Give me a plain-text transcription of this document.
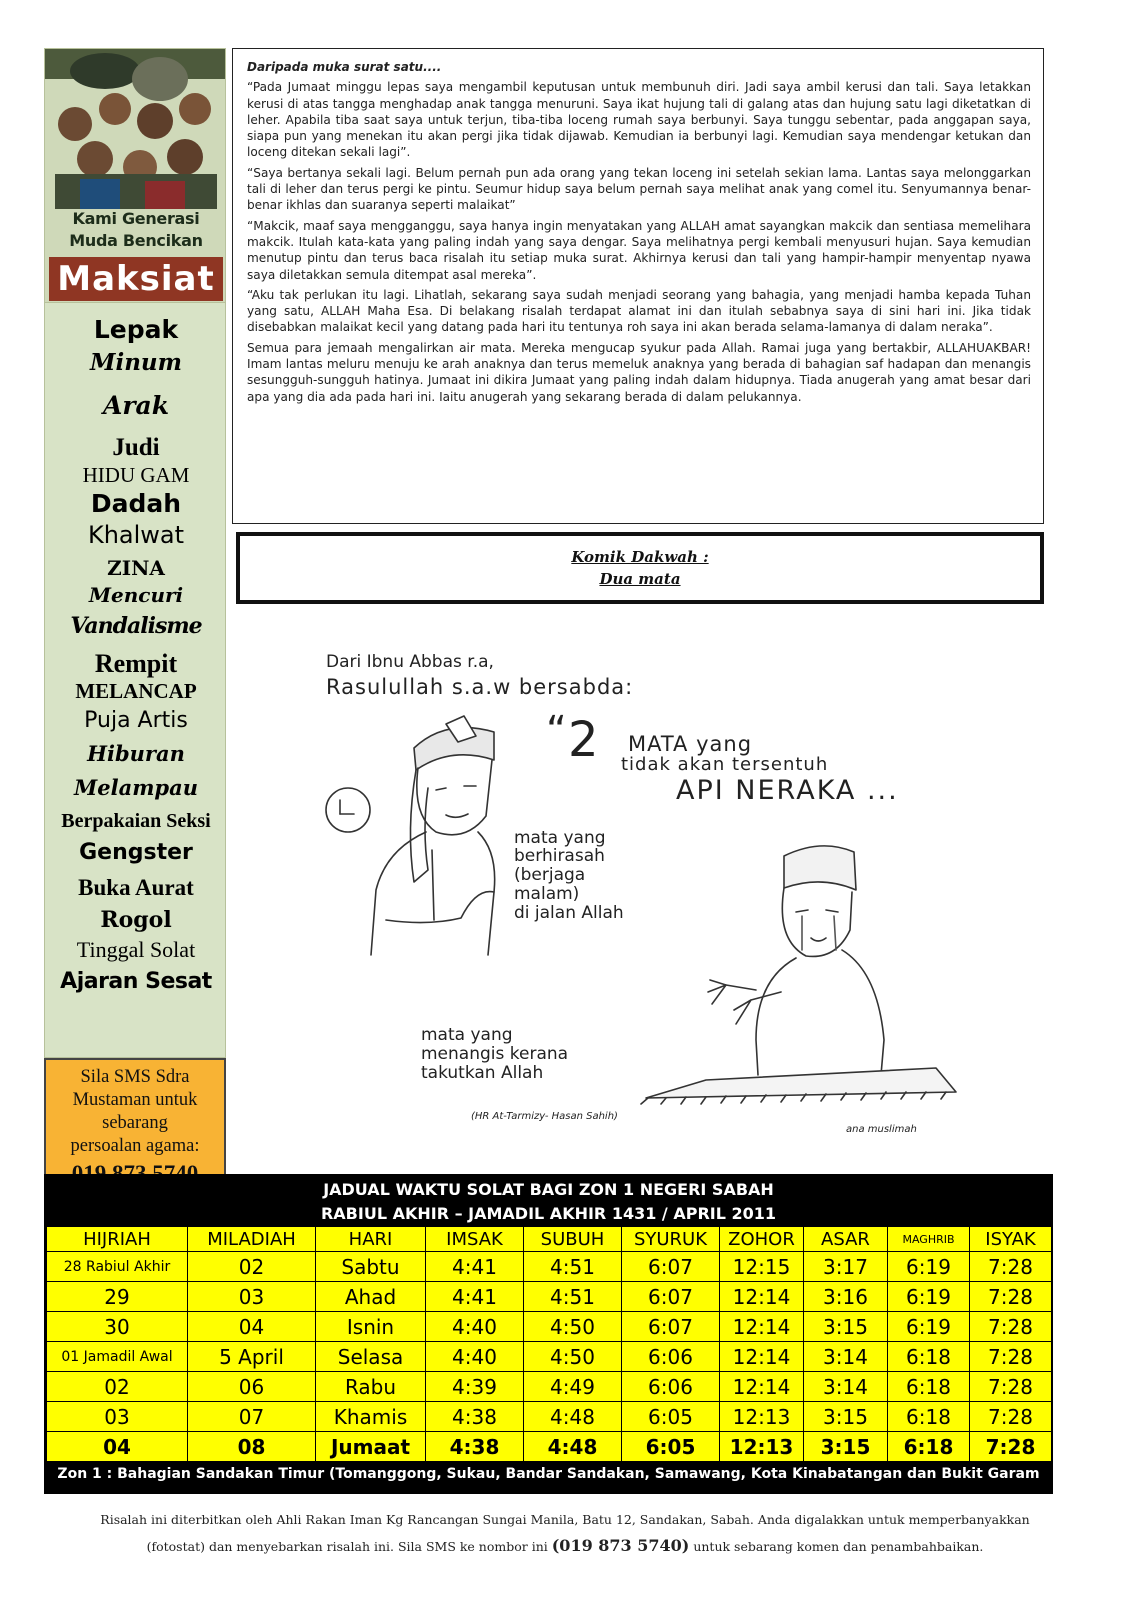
Kami Generasi
Muda Bencikan
Maksiat
Lepak
Minum
Arak
Judi
HIDU GAM
Dadah
Khalwat
ZINA
Mencuri
Vandalisme
Rempit
MELANCAP
Puja Artis
Hiburan
Melampau
Berpakaian Seksi
Gengster
Buka Aurat
Rogol
Tinggal Solat
Ajaran Sesat
Sila SMS Sdra
Mustaman untuk
sebarang
persoalan agama:
Daripada muka surat satu....

“Pada Jumaat minggu lepas saya mengambil keputusan untuk membunuh diri. Jadi saya ambil kerusi dan tali. Saya letakkan kerusi di atas tangga menghadap anak tangga menuruni. Saya ikat hujung tali di galang atas dan hujung satu lagi diketatkan di leher. Apabila tiba saat saya untuk terjun, tiba-tiba loceng rumah saya berbunyi. Saya tunggu sebentar, pada anggapan saya, siapa pun yang menekan itu akan pergi jika tidak dijawab. Kemudian ia berbunyi lagi. Kemudian saya mendengar ketukan dan loceng ditekan sekali lagi”.

“Saya bertanya sekali lagi. Belum pernah pun ada orang yang tekan loceng ini setelah sekian lama. Lantas saya melonggarkan tali di leher dan terus pergi ke pintu. Seumur hidup saya belum pernah saya melihat anak yang comel itu. Senyumannya benar-benar ikhlas dan suaranya seperti malaikat”

“Makcik, maaf saya mengganggu, saya hanya ingin menyatakan yang ALLAH amat sayangkan makcik dan sentiasa memelihara makcik. Itulah kata-kata yang paling indah yang saya dengar. Saya melihatnya pergi kembali menyusuri hujan. Saya kemudian menutup pintu dan terus baca risalah itu setiap muka surat. Akhirnya kerusi dan tali yang hampir-hampir menyentap nyawa saya diletakkan semula ditempat asal mereka”.

“Aku tak perlukan itu lagi. Lihatlah, sekarang saya sudah menjadi seorang yang bahagia, yang menjadi hamba kepada Tuhan yang satu, ALLAH Maha Esa. Di belakang risalah terdapat alamat ini dan itulah sebabnya saya di sini hari ini. Jika tidak disebabkan malaikat kecil yang datang pada hari itu tentunya roh saya ini akan berada selama-lamanya di dalam neraka”.

Semua para jemaah mengalirkan air mata. Mereka mengucap syukur pada Allah. Ramai juga yang bertakbir, ALLAHUAKBAR! Imam lantas meluru menuju ke arah anaknya dan terus memeluk anaknya yang berada di bahagian saf hadapan dan menangis sesungguh-sungguh hatinya. Jumaat ini dikira Jumaat yang paling indah dalam hidupnya. Tiada anugerah yang amat besar dari apa yang dia ada pada hari ini. Iaitu anugerah yang sekarang berada di dalam pelukannya.

Komik Dakwah :
Dua mata
Dari Ibnu Abbas r.a,
Rasulullah s.a.w bersabda:
“ 2 MATA yang
tidak akan tersentuh
API NERAKA ...
mata yang
berhirasah
(berjaga
malam)
di jalan Allah
mata yang
menangis kerana
takutkan Allah
(HR At-Tarmizy- Hasan Sahih)
ana muslimah
JADUAL WAKTU SOLAT BAGI ZON 1 NEGERI SABAH
RABIUL AKHIR – JAMADIL AKHIR 1431 / APRIL 2011
HIJRIAH	MILADIAH	HARI	IMSAK	SUBUH	SYURUK	ZOHOR	ASAR	MAGHRIB	ISYAK
28 Rabiul Akhir	02	Sabtu	4:41	4:51	6:07	12:15	3:17	6:19	7:28
29	03	Ahad	4:41	4:51	6:07	12:14	3:16	6:19	7:28
30	04	Isnin	4:40	4:50	6:07	12:14	3:15	6:19	7:28
01 Jamadil Awal	5 April	Selasa	4:40	4:50	6:06	12:14	3:14	6:18	7:28
02	06	Rabu	4:39	4:49	6:06	12:14	3:14	6:18	7:28
03	07	Khamis	4:38	4:48	6:05	12:13	3:15	6:18	7:28
04	08	Jumaat	4:38	4:48	6:05	12:13	3:15	6:18	7:28
Zon 1 : Bahagian Sandakan Timur (Tomanggong, Sukau, Bandar Sandakan, Samawang, Kota Kinabatangan dan Bukit Garam
Risalah ini diterbitkan oleh Ahli Rakan Iman Kg Rancangan Sungai Manila, Batu 12, Sandakan, Sabah. Anda digalakkan untuk memperbanyakkan
(fotostat) dan menyebarkan risalah ini. Sila SMS ke nombor ini (019 873 5740) untuk sebarang komen dan penambahbaikan.
